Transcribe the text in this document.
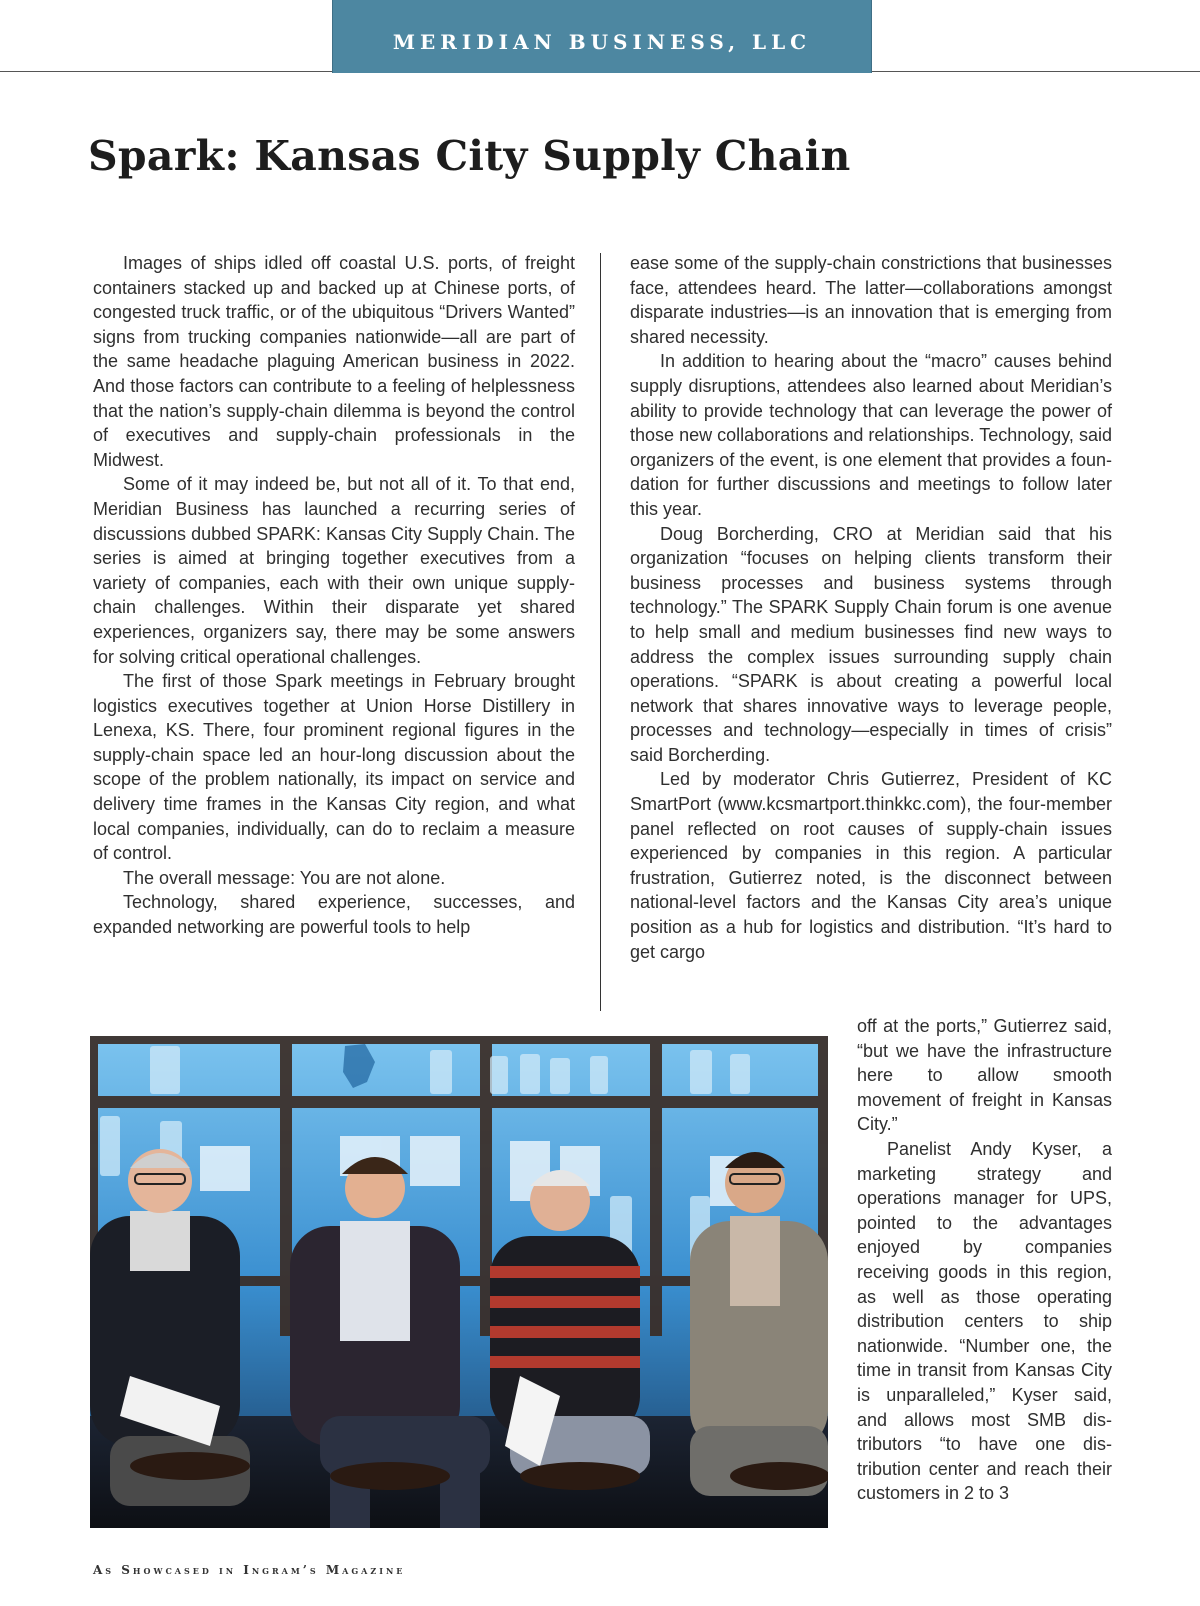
MERIDIAN BUSINESS, LLC
Spark: Kansas City Supply Chain

Images of ships idled off coastal U.S. ports, of freight containers stacked up and backed up at Chinese ports, of congested truck traffic, or of the ubiquitous “Drivers Wanted” signs from trucking companies nationwide—all are part of the same headache plaguing American business in 2022. And those factors can contribute to a feeling of helplessness that the nation’s supply-chain dilemma is beyond the control of executives and supply-chain professionals in the Midwest.

Some of it may indeed be, but not all of it. To that end, Meridian Business has launched a recurring series of discussions dubbed SPARK: Kansas City Supply Chain. The series is aimed at bringing together executives from a variety of companies, each with their own unique supply-chain challenges. Within their disparate yet shared experiences, organizers say, there may be some answers for solving critical operational challenges.

The first of those Spark meetings in February brought logistics executives together at Union Horse Distillery in Lenexa, KS. There, four prominent regional figures in the supply-chain space led an hour-long discussion about the scope of the problem nationally, its impact on service and delivery time frames in the Kansas City region, and what local companies, individually, can do to reclaim a measure of control.

The overall message: You are not alone.

Technology, shared experience, successes, and expanded networking are powerful tools to help

ease some of the supply-chain constrictions that businesses face, attendees heard. The latter—collaborations amongst disparate industries—is an innovation that is emerging from shared necessity.

In addition to hearing about the “macro” causes behind supply disruptions, attendees also learned about Meridian’s ability to provide technology that can leverage the power of those new collaborations and relationships. Technology, said organizers of the event, is one element that provides a foundation for further discussions and meetings to follow later this year.

Doug Borcherding, CRO at Meridian said that his organization “focuses on helping clients transform their business processes and business systems through technology.” The SPARK Supply Chain forum is one avenue to help small and medium businesses find new ways to address the complex issues surrounding supply chain operations. “SPARK is about creating a powerful local network that shares innovative ways to leverage people, processes and technology—especially in times of crisis” said Borcherding.

Led by moderator Chris Gutierrez, President of KC SmartPort (www.kcsmartport.thinkkc.com), the four-member panel reflected on root causes of supply-chain issues experienced by companies in this region. A particular frustration, Gutierrez noted, is the disconnect between national-level factors and the Kansas City area’s unique position as a hub for logistics and distribution. “It’s hard to get cargo

off at the ports,” Gutierrez said, “but we have the infrastructure here to allow smooth movement of freight in Kansas City.”

Panelist Andy Kyser, a marketing strategy and operations manager for UPS, pointed to the advantages enjoyed by companies receiving goods in this region, as well as those operating distribution centers to ship nationwide. “Number one, the time in transit from Kansas City is unparalleled,” Kyser said, and allows most SMB distributors “to have one distribution center and reach their customers in 2 to 3

As Showcased in Ingram’s Magazine
